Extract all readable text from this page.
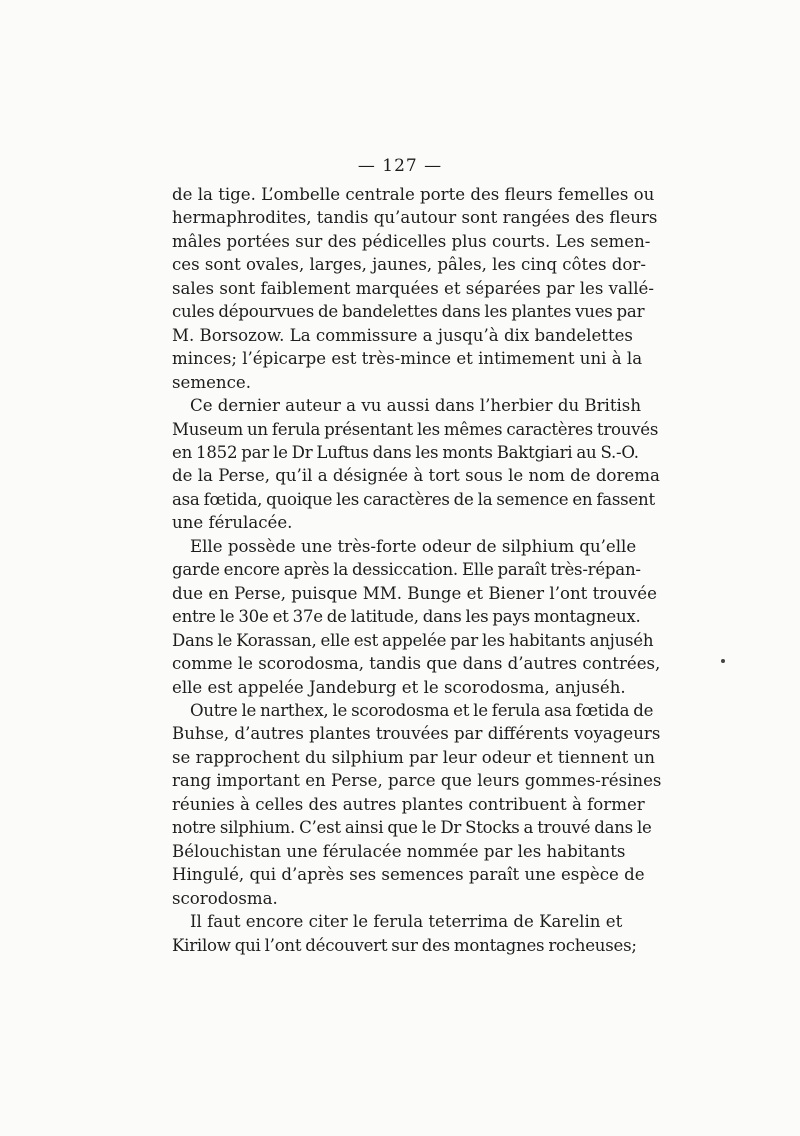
— 127 —
de la tige. L’ombelle centrale porte des fleurs femelles ou
hermaphrodites, tandis qu’autour sont rangées des fleurs
mâles portées sur des pédicelles plus courts. Les semen-
ces sont ovales, larges, jaunes, pâles, les cinq côtes dor-
sales sont faiblement marquées et séparées par les vallé-
cules dépourvues de bandelettes dans les plantes vues par
M. Borsozow. La commissure a jusqu’à dix bandelettes
minces; l’épicarpe est très-mince et intimement uni à la
semence.
Ce dernier auteur a vu aussi dans l’herbier du British
Museum un ferula présentant les mêmes caractères trouvés
en 1852 par le Dr Luftus dans les monts Baktgiari au S.-O.
de la Perse, qu’il a désignée à tort sous le nom de dorema
asa fœtida, quoique les caractères de la semence en fassent
une férulacée.
Elle possède une très-forte odeur de silphium qu’elle
garde encore après la dessiccation. Elle paraît très-répan-
due en Perse, puisque MM. Bunge et Biener l’ont trouvée
entre le 30e et 37e de latitude, dans les pays montagneux.
Dans le Korassan, elle est appelée par les habitants anjuséh
comme le scorodosma, tandis que dans d’autres contrées,
elle est appelée Jandeburg et le scorodosma, anjuséh.
Outre le narthex, le scorodosma et le ferula asa fœtida de
Buhse, d’autres plantes trouvées par différents voyageurs
se rapprochent du silphium par leur odeur et tiennent un
rang important en Perse, parce que leurs gommes-résines
réunies à celles des autres plantes contribuent à former
notre silphium. C’est ainsi que le Dr Stocks a trouvé dans le
Bélouchistan une férulacée nommée par les habitants
Hingulé, qui d’après ses semences paraît une espèce de
scorodosma.
Il faut encore citer le ferula teterrima de Karelin et
Kirilow qui l’ont découvert sur des montagnes rocheuses;
